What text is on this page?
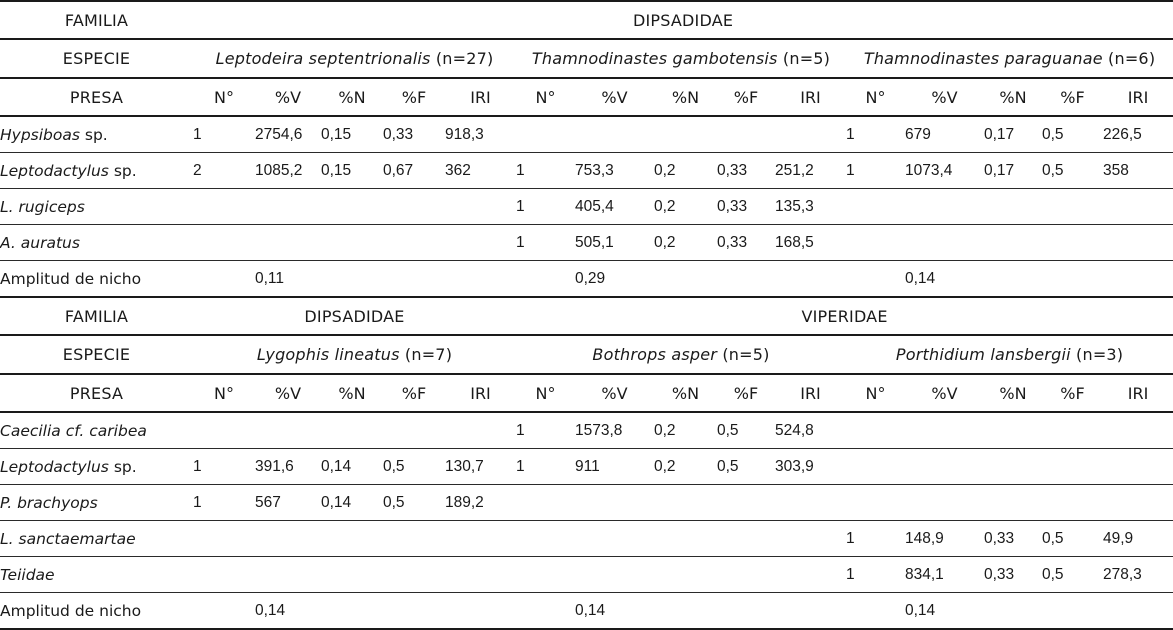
FAMILIA	DIPSADIDAE														
ESPECIE	Leptodeira septentrionalis (n=27)					Thamnodinastes gambotensis (n=5)					Thamnodinastes paraguanae (n=6)				
PRESA	N°	%V	%N	%F	IRI	N°	%V	%N	%F	IRI	N°	%V	%N	%F	IRI
Hypsiboas sp.	1	2754,6	0,15	0,33	918,3						1	679	0,17	0,5	226,5
Leptodactylus sp.	2	1085,2	0,15	0,67	362	1	753,3	0,2	0,33	251,2	1	1073,4	0,17	0,5	358
L. rugiceps						1	405,4	0,2	0,33	135,3					
A. auratus						1	505,1	0,2	0,33	168,5					
Amplitud de nicho		0,11					0,29					0,14			
FAMILIA	DIPSADIDAE					VIPERIDAE									
ESPECIE	Lygophis lineatus (n=7)					Bothrops asper (n=5)					Porthidium lansbergii (n=3)				
PRESA	N°	%V	%N	%F	IRI	N°	%V	%N	%F	IRI	N°	%V	%N	%F	IRI
Caecilia cf. caribea						1	1573,8	0,2	0,5	524,8					
Leptodactylus sp.	1	391,6	0,14	0,5	130,7	1	911	0,2	0,5	303,9					
P. brachyops	1	567	0,14	0,5	189,2										
L. sanctaemartae											1	148,9	0,33	0,5	49,9
Teiidae											1	834,1	0,33	0,5	278,3
Amplitud de nicho		0,14					0,14					0,14			
